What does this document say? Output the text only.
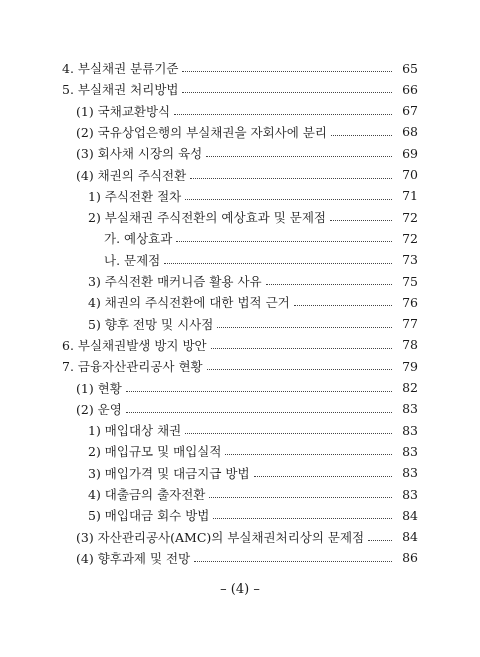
4. 부실채권 분류기준	65
5. 부실채권 처리방법	66
(1) 국채교환방식	67
(2) 국유상업은행의 부실채권을 자회사에 분리	68
(3) 회사채 시장의 육성	69
(4) 채권의 주식전환	70
1) 주식전환 절차	71
2) 부실채권 주식전환의 예상효과 및 문제점	72
가. 예상효과	72
나. 문제점	73
3) 주식전환 매커니즘 활용 사유	75
4) 채권의 주식전환에 대한 법적 근거	76
5) 향후 전망 및 시사점	77
6. 부실채권발생 방지 방안	78
7. 금융자산관리공사 현황	79
(1) 현황	82
(2) 운영	83
1) 매입대상 채권	83
2) 매입규모 및 매입실적	83
3) 매입가격 및 대금지급 방법	83
4) 대출금의 출자전환	83
5) 매입대금 회수 방법	84
(3) 자산관리공사(AMC)의 부실채권처리상의 문제점	84
(4) 향후과제 및 전망	86
– (4) –
